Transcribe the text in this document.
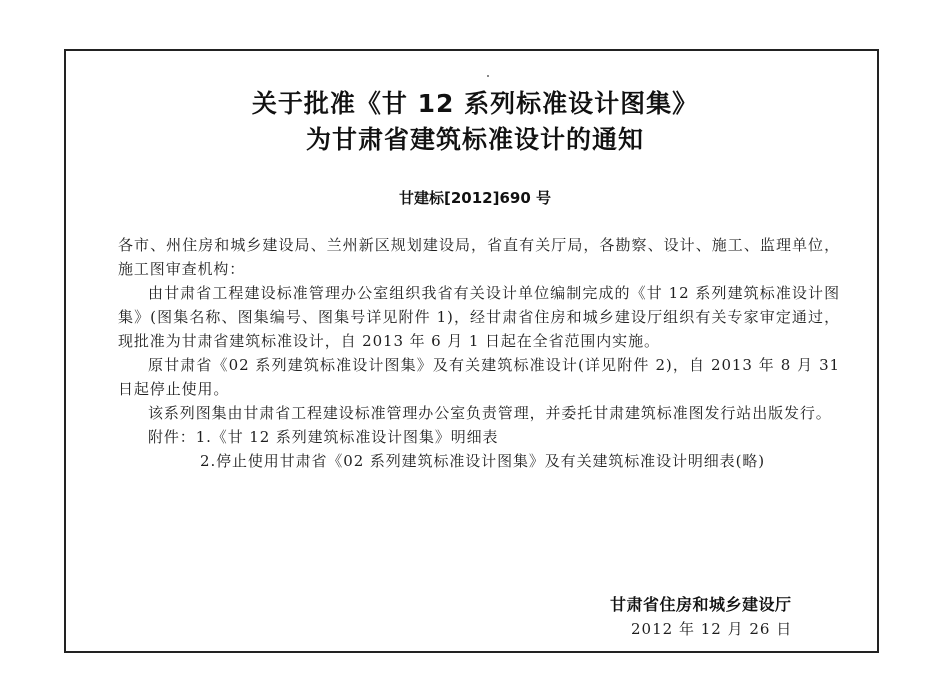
关于批准《甘 12 系列标准设计图集》
为甘肃省建筑标准设计的通知
甘建标[2012]690 号

各市、州住房和城乡建设局、兰州新区规划建设局，省直有关厅局，各勘察、设计、施工、监理单位，施工图审查机构：

由甘肃省工程建设标准管理办公室组织我省有关设计单位编制完成的《甘 12 系列建筑标准设计图集》(图集名称、图集编号、图集号详见附件 1)，经甘肃省住房和城乡建设厅组织有关专家审定通过，现批准为甘肃省建筑标准设计，自 2013 年 6 月 1 日起在全省范围内实施。

原甘肃省《02 系列建筑标准设计图集》及有关建筑标准设计(详见附件 2)，自 2013 年 8 月 31 日起停止使用。

该系列图集由甘肃省工程建设标准管理办公室负责管理，并委托甘肃建筑标准图发行站出版发行。

附件：1.《甘 12 系列建筑标准设计图集》明细表

2.停止使用甘肃省《02 系列建筑标准设计图集》及有关建筑标准设计明细表(略)

甘肃省住房和城乡建设厅
2012 年 12 月 26 日
